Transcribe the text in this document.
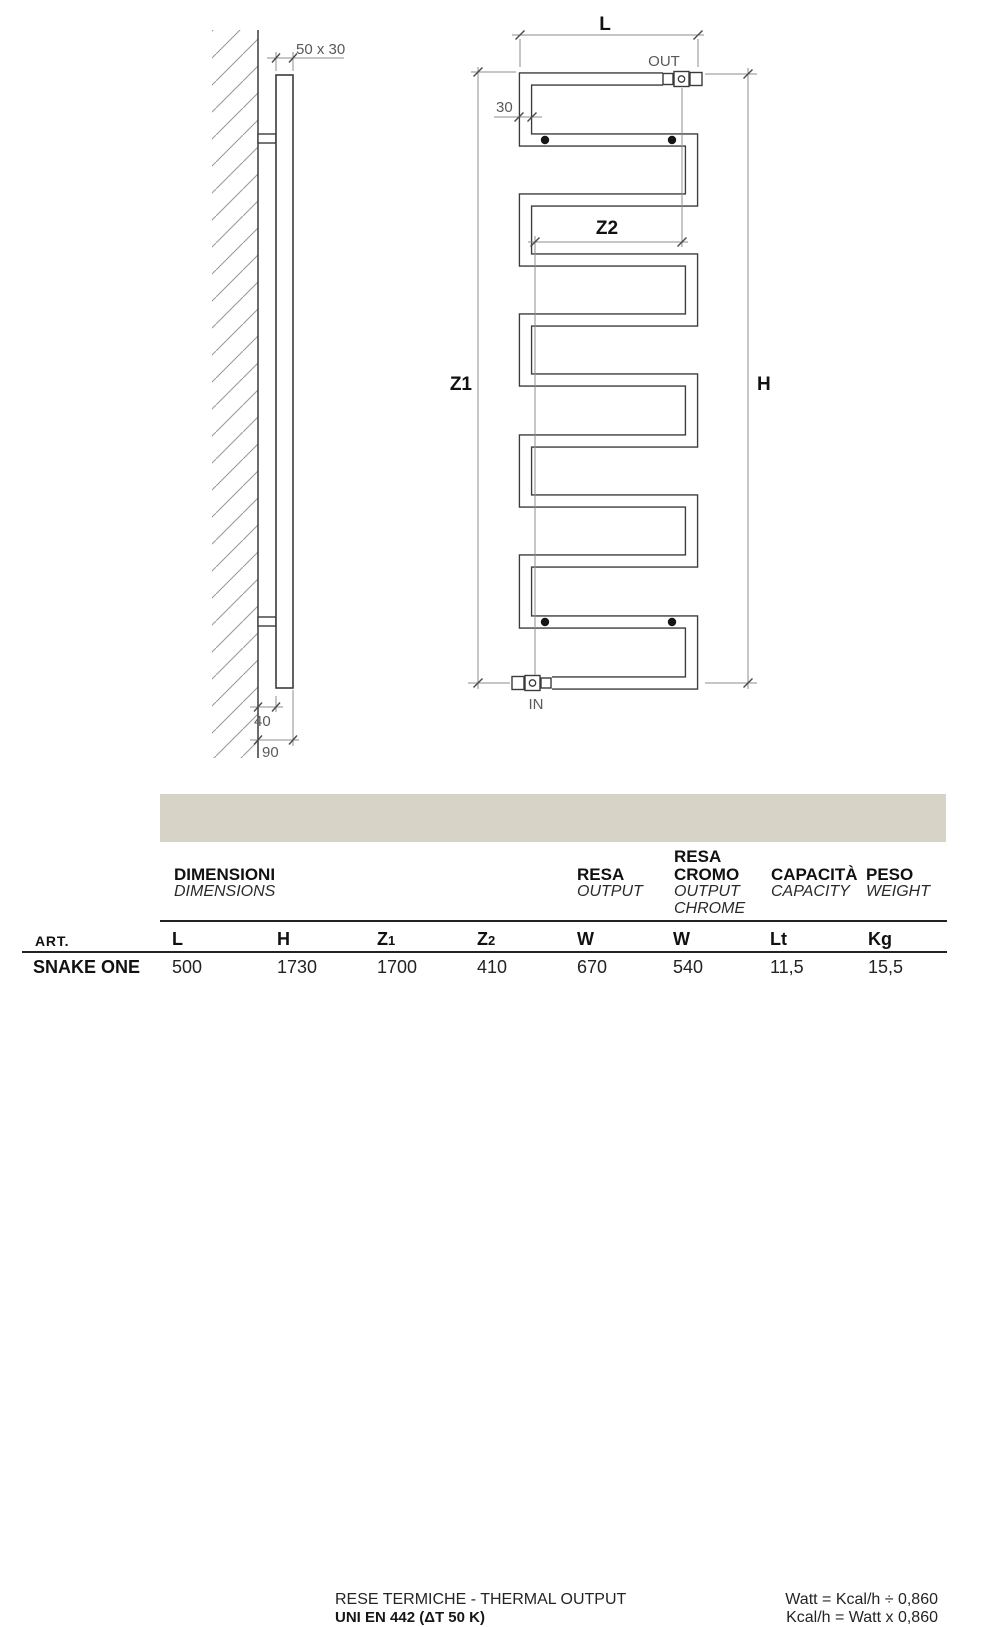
50 x 30
40
90
OUT
IN
L
30
Z1	H
Z2
RESE TERMICHE - THERMAL OUTPUT
UNI EN 442 (ΔT 50 K)
Watt = Kcal/h ÷ 0,860
Kcal/h = Watt x 0,860
DIMENSIONI
DIMENSIONS
RESA
OUTPUT
RESA
CROMO
OUTPUT
CHROME
CAPACITÀ
CAPACITY
PESO
WEIGHT
ART.	L	H	Z1	Z2	W	W	Lt	Kg
SNAKE ONE 500	1730	1700	410	670	540	11,5	15,5
